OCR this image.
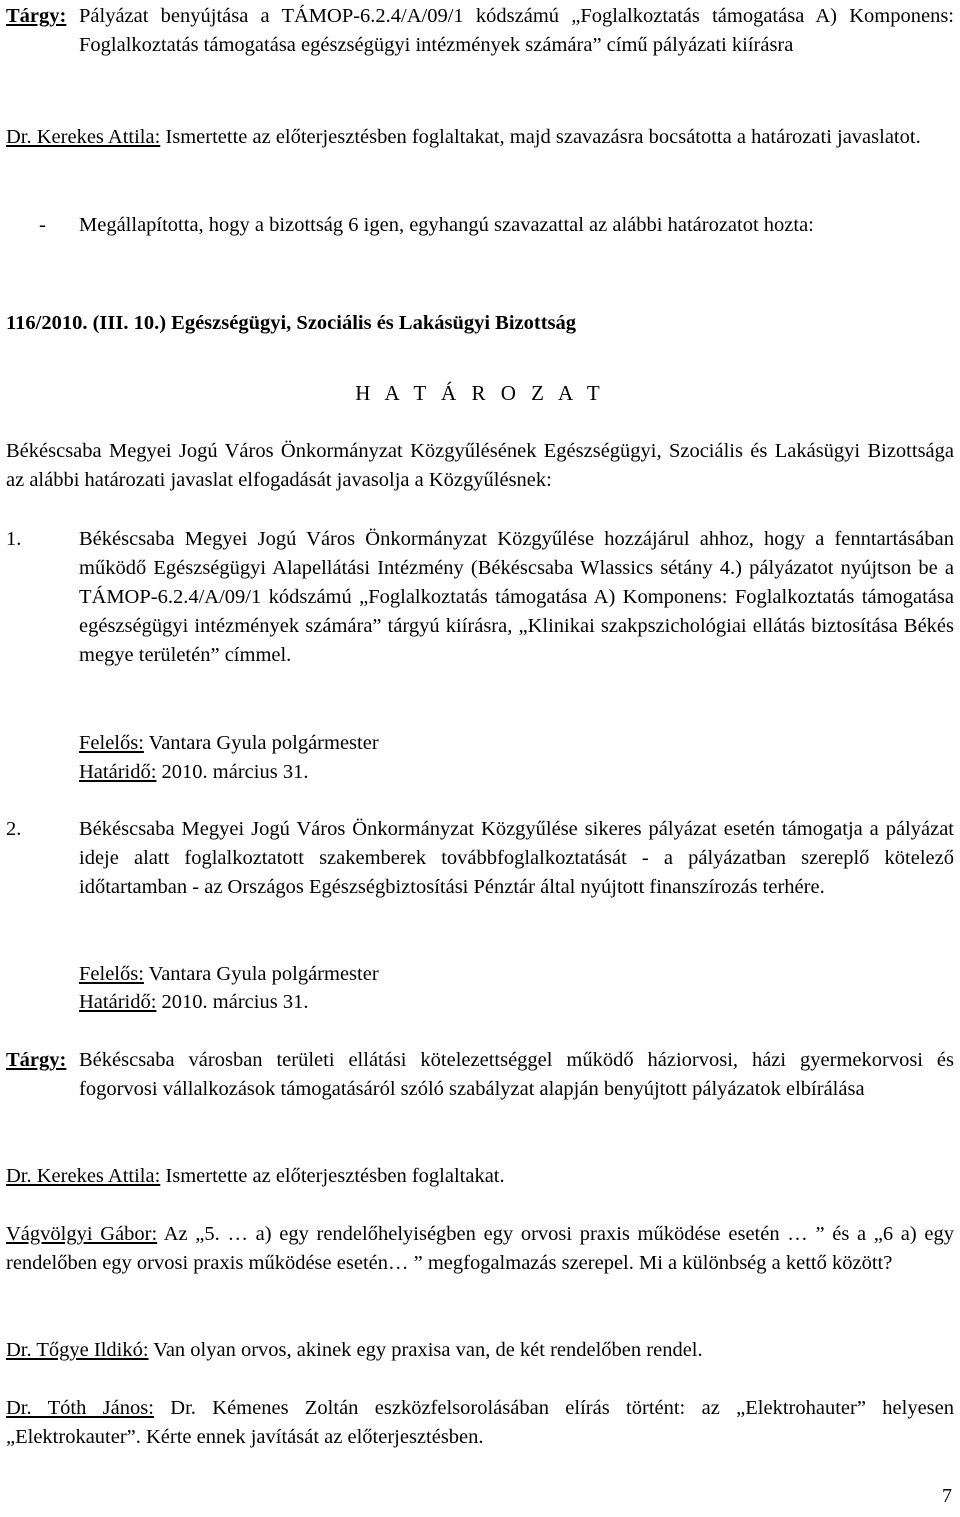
Tárgy: Pályázat benyújtása a TÁMOP-6.2.4/A/09/1 kódszámú „Foglalkoztatás támogatása A) Komponens: Foglalkoztatás támogatása egészségügyi intézmények számára” című pályázati kiírásra

Dr. Kerekes Attila: Ismertette az előterjesztésben foglaltakat, majd szavazásra bocsátotta a határozati javaslatot.

- Megállapította, hogy a bizottság 6 igen, egyhangú szavazattal az alábbi határozatot hozta:

116/2010. (III. 10.) Egészségügyi, Szociális és Lakásügyi Bizottság

H A T Á R O Z A T

Békéscsaba Megyei Jogú Város Önkormányzat Közgyűlésének Egészségügyi, Szociális és Lakásügyi Bizottsága az alábbi határozati javaslat elfogadását javasolja a Közgyűlésnek:

1.	Békéscsaba Megyei Jogú Város Önkormányzat Közgyűlése hozzájárul ahhoz, hogy a fenntartásában működő Egészségügyi Alapellátási Intézmény (Békéscsaba Wlassics sétány 4.) pályázatot nyújtson be a TÁMOP-6.2.4/A/09/1 kódszámú „Foglalkoztatás támogatása A) Komponens: Foglalkoztatás támogatása egészségügyi intézmények számára” tárgyú kiírásra, „Klinikai szakpszichológiai ellátás biztosítása Békés megye területén” címmel.

Felelős: Vantara Gyula polgármester

Határidő: 2010. március 31.

2.	Békéscsaba Megyei Jogú Város Önkormányzat Közgyűlése sikeres pályázat esetén támogatja a pályázat ideje alatt foglalkoztatott szakemberek továbbfoglalkoztatását - a pályázatban szereplő kötelező időtartamban - az Országos Egészségbiztosítási Pénztár által nyújtott finanszírozás terhére.

Felelős: Vantara Gyula polgármester

Határidő: 2010. március 31.

Tárgy: Békéscsaba városban területi ellátási kötelezettséggel működő háziorvosi, házi gyermekorvosi és fogorvosi vállalkozások támogatásáról szóló szabályzat alapján benyújtott pályázatok elbírálása

Dr. Kerekes Attila: Ismertette az előterjesztésben foglaltakat.

Vágvölgyi Gábor: Az „5. … a) egy rendelőhelyiségben egy orvosi praxis működése esetén … ” és a „6 a) egy rendelőben egy orvosi praxis működése esetén… ” megfogalmazás szerepel. Mi a különbség a kettő között?

Dr. Tőgye Ildikó: Van olyan orvos, akinek egy praxisa van, de két rendelőben rendel.

Dr. Tóth János: Dr. Kémenes Zoltán eszközfelsorolásában elírás történt: az „Elektrohauter” helyesen „Elektrokauter”. Kérte ennek javítását az előterjesztésben.

7
